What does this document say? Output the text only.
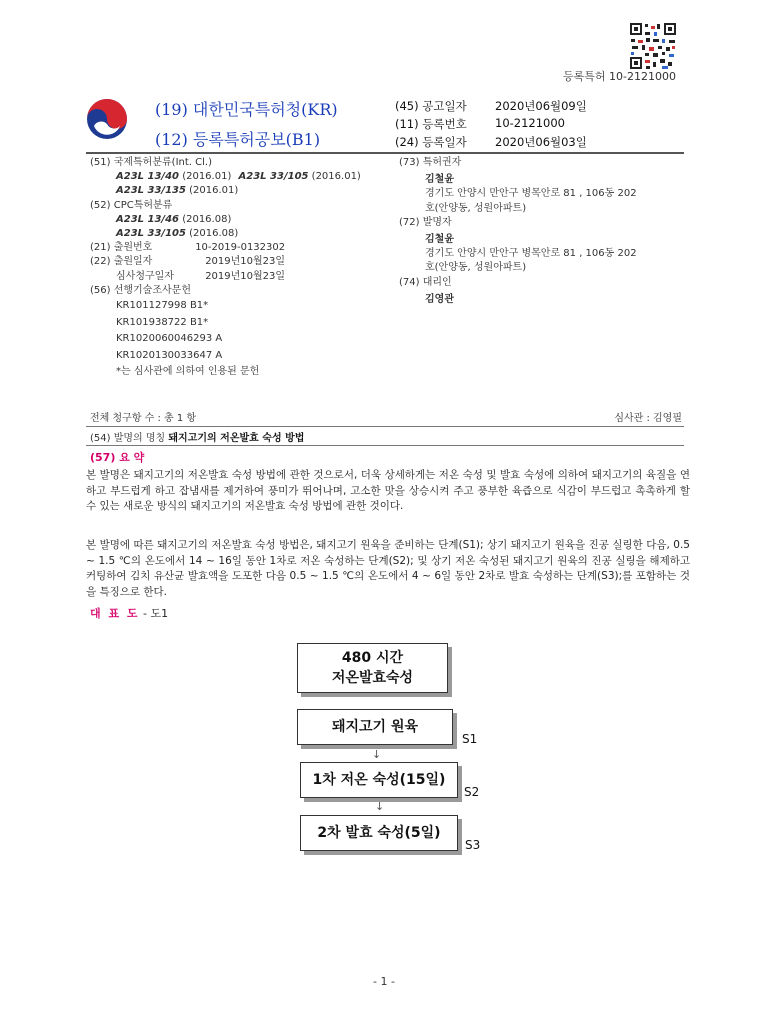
등록특허 10-2121000
(19) 대한민국특허청(KR)
(12) 등록특허공보(B1)
(45) 공고일자 2020년06월09일
(11) 등록번호 10-2121000
(24) 등록일자 2020년06월03일
(51) 국제특허분류(Int. Cl.)
A23L 13/40 (2016.01) A23L 33/105 (2016.01)
A23L 33/135 (2016.01)
(52) CPC특허분류
A23L 13/46 (2016.08)
A23L 33/105 (2016.08)
(21) 출원번호	10-2019-0132302
(22) 출원일자	2019년10월23일
심사청구일자	2019년10월23일
(56) 선행기술조사문헌
KR101127998 B1*
KR101938722 B1*
KR1020060046293 A
KR1020130033647 A
*는 심사관에 의하여 인용된 문헌
(73) 특허권자
김철윤
경기도 안양시 만안구 병목안로 81 , 106동 202
호(안양동, 성원아파트)
(72) 발명자
김철윤
경기도 안양시 만안구 병목안로 81 , 106동 202
호(안양동, 성원아파트)
(74) 대리인
김영관
전체 청구항 수 : 총 1 항	심사관 : 김영필
(54) 발명의 명칭 돼지고기의 저온발효 숙성 방법
(57) 요 약
본 발명은 돼지고기의 저온발효 숙성 방법에 관한 것으로서, 더욱 상세하게는 저온 숙성 및 발효 숙성에 의하여 돼지고기의 육질을 연하고 부드럽게 하고 잡냄새를 제거하여 풍미가 뛰어나며, 고소한 맛을 상승시켜 주고 풍부한 육즙으로 식감이 부드럽고 촉촉하게 할 수 있는 새로운 방식의 돼지고기의 저온발효 숙성 방법에 관한 것이다.
본 발명에 따른 돼지고기의 저온발효 숙성 방법은, 돼지고기 원육을 준비하는 단계(S1); 상기 돼지고기 원육을 진공 실링한 다음, 0.5 ~ 1.5 ℃의 온도에서 14 ~ 16일 동안 1차로 저온 숙성하는 단계(S2); 및 상기 저온 숙성된 돼지고기 원육의 진공 실링을 해제하고 커팅하여 김치 유산균 발효액을 도포한 다음 0.5 ~ 1.5 ℃의 온도에서 4 ~ 6일 동안 2차로 발효 숙성하는 단계(S3);를 포함하는 것을 특징으로 한다.
대 표 도 - 도1
480 시간
저온발효숙성
돼지고기 원육
S1
↓
1차 저온 숙성(15일)
S2
↓
2차 발효 숙성(5일)
S3
- 1 -
